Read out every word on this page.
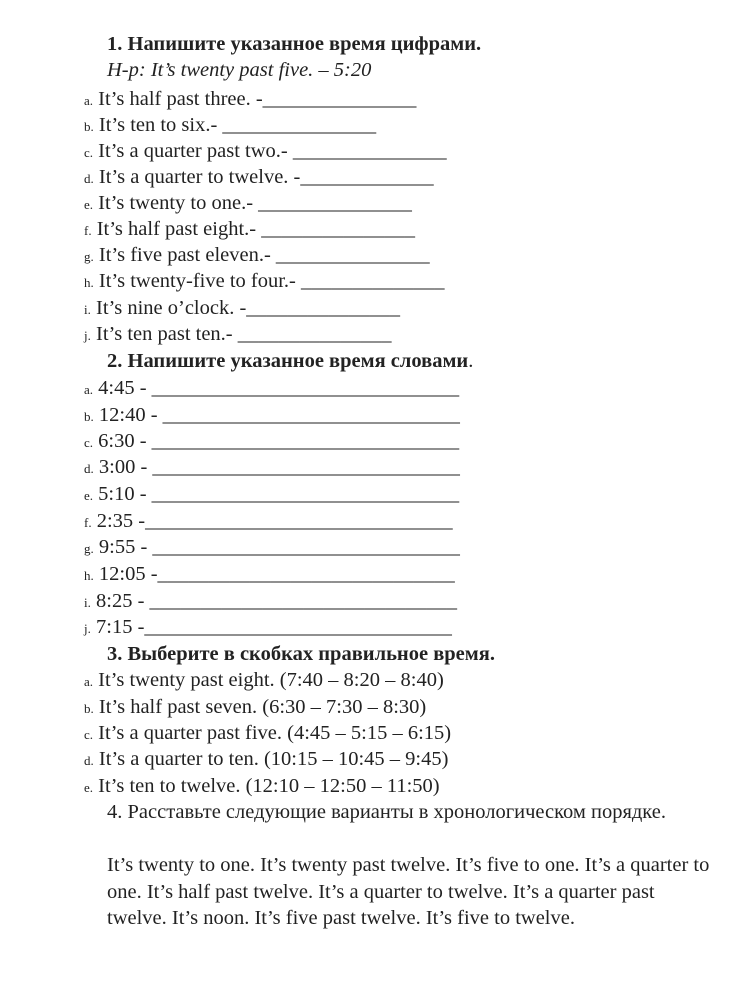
1. Напишите указанное время цифрами.
Н-р: It’s twenty past five. – 5:20
a. It’s half past three. -_______________
b. It’s ten to six.- _______________
c. It’s a quarter past two.- _______________
d. It’s a quarter to twelve. -_____________
e. It’s twenty to one.- _______________
f. It’s half past eight.- _______________
g. It’s five past eleven.- _______________
h. It’s twenty-five to four.- ______________
i. It’s nine o’clock. -_______________
j. It’s ten past ten.- _______________
2. Напишите указанное время словами.
a. 4:45 - ______________________________
b. 12:40 - _____________________________
c. 6:30 - ______________________________
d. 3:00 - ______________________________
e. 5:10 - ______________________________
f. 2:35 -______________________________
g. 9:55 - ______________________________
h. 12:05 -_____________________________
i. 8:25 - ______________________________
j. 7:15 -______________________________
3. Выберите в скобках правильное время.
a. It’s twenty past eight. (7:40 – 8:20 – 8:40)
b. It’s half past seven. (6:30 – 7:30 – 8:30)
c. It’s a quarter past five. (4:45 – 5:15 – 6:15)
d. It’s a quarter to ten. (10:15 – 10:45 – 9:45)
e. It’s ten to twelve. (12:10 – 12:50 – 11:50)
4. Расставьте следующие варианты в хронологическом порядке.
It’s twenty to one. It’s twenty past twelve. It’s five to one. It’s a quarter to one. It’s half past twelve. It’s a quarter to twelve. It’s a quarter past twelve. It’s noon. It’s five past twelve. It’s five to twelve.
